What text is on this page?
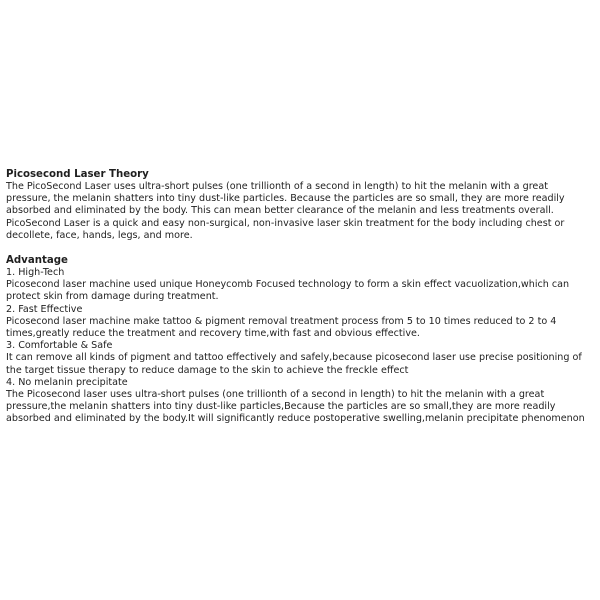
Picosecond Laser Theory

The PicoSecond Laser uses ultra-short pulses (one trillionth of a second in length) to hit the melanin with a great pressure, the melanin shatters into tiny dust-like particles. Because the particles are so small, they are more readily absorbed and eliminated by the body. This can mean better clearance of the melanin and less treatments overall.

PicoSecond Laser is a quick and easy non-surgical, non-invasive laser skin treatment for the body including chest or decollete, face, hands, legs, and more.

Advantage

1. High-Tech

Picosecond laser machine used unique Honeycomb Focused technology to form a skin effect vacuolization,which can protect skin from damage during treatment.

2. Fast Effective

Picosecond laser machine make tattoo & pigment removal treatment process from 5 to 10 times reduced to 2 to 4 times,greatly reduce the treatment and recovery time,with fast and obvious effective.

3. Comfortable & Safe

It can remove all kinds of pigment and tattoo effectively and safely,because picosecond laser use precise positioning of the target tissue therapy to reduce damage to the skin to achieve the freckle effect

4. No melanin precipitate

The Picosecond laser uses ultra-short pulses (one trillionth of a second in length) to hit the melanin with a great pressure,the melanin shatters into tiny dust-like particles,Because the particles are so small,they are more readily absorbed and eliminated by the body.It will significantly reduce postoperative swelling,melanin precipitate phenomenon
